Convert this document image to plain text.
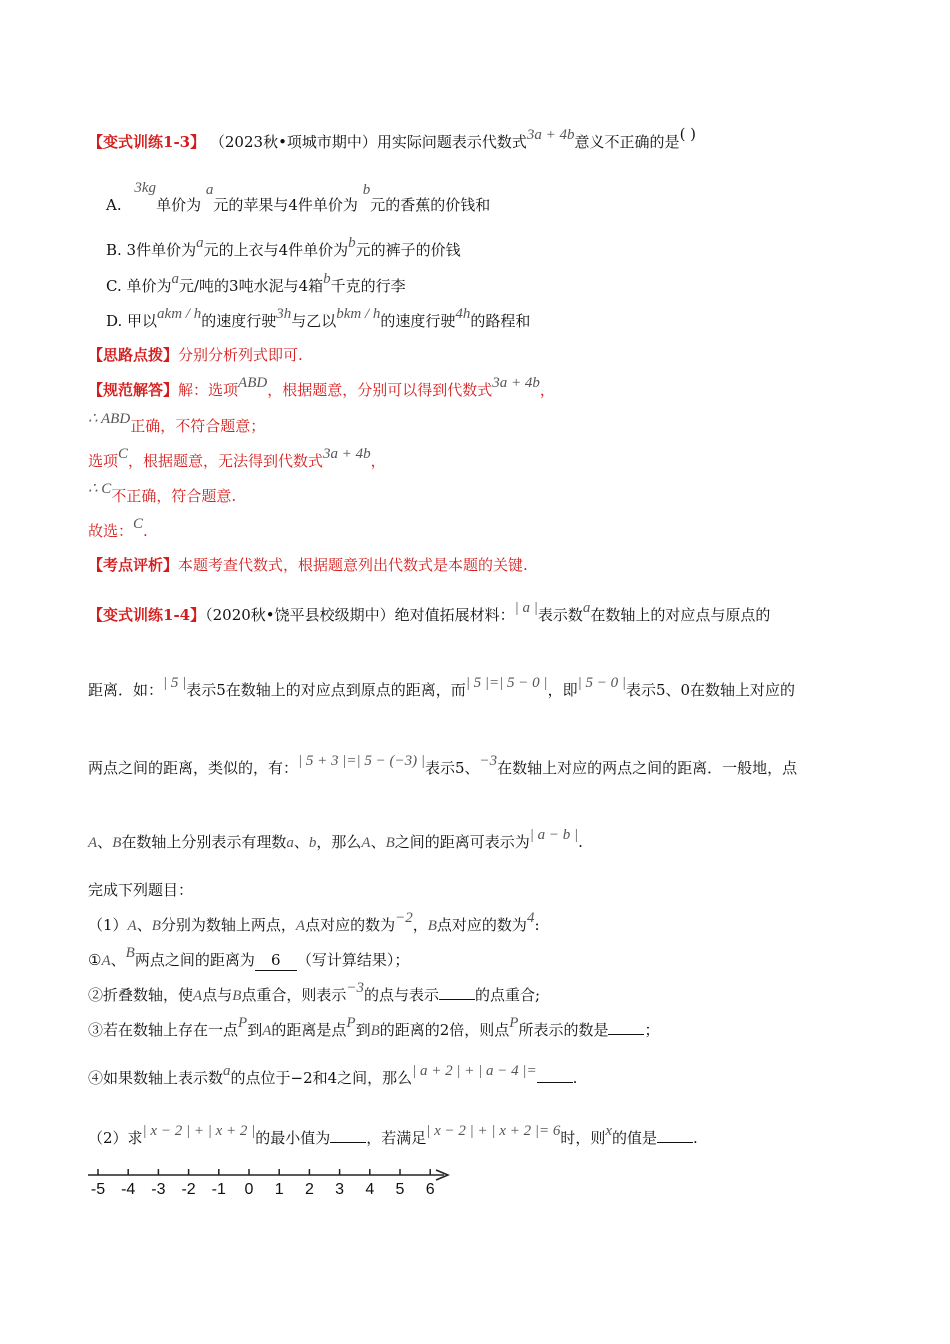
【变式训练1-3】 （2023秋•项城市期中）用实际问题表示代数式3a + 4b意义不正确的是( )
A. 3kg单价为 a元的苹果与4件单价为 b元的香蕉的价钱和
B. 3件单价为a元的上衣与4件单价为b元的裤子的价钱
C. 单价为a元/吨的3吨水泥与4箱b千克的行李
D. 甲以akm / h的速度行驶3h与乙以bkm / h的速度行驶4h的路程和
【思路点拨】分别分析列式即可.
【规范解答】解：选项ABD，根据题意，分别可以得到代数式3a + 4b，
∴ ABD正确，不符合题意；
选项C，根据题意，无法得到代数式3a + 4b，
∴ C不正确，符合题意.
故选：C.
【考点评析】本题考查代数式，根据题意列出代数式是本题的关键.
【变式训练1-4】（2020秋•饶平县校级期中）绝对值拓展材料：| a |表示数a在数轴上的对应点与原点的
距离．如：| 5 |表示5在数轴上的对应点到原点的距离，而| 5 |=| 5 − 0 |，即| 5 − 0 |表示5、0在数轴上对应的
两点之间的距离，类似的，有：| 5 + 3 |=| 5 − (−3) |表示5、−3在数轴上对应的两点之间的距离．一般地，点
A、B在数轴上分别表示有理数a、b，那么A、B之间的距离可表示为| a − b |.
完成下列题目：
（1）A、B分别为数轴上两点，A点对应的数为−2，B点对应的数为4:
①A、B两点之间的距离为 6 （写计算结果）；
②折叠数轴，使A点与B点重合，则表示−3的点与表示 的点重合;
③若在数轴上存在一点P到A的距离是点P到B的距离的2倍，则点P所表示的数是 ；
④如果数轴上表示数a的点位于−2和4之间，那么| a + 2 | + | a − 4 |= .
（2）求| x − 2 | + | x + 2 |的最小值为 ，若满足| x − 2 | + | x + 2 |= 6时，则x的值是 .
-5 -4 -3 -2 -1 0 1 2 3 4 5 6
